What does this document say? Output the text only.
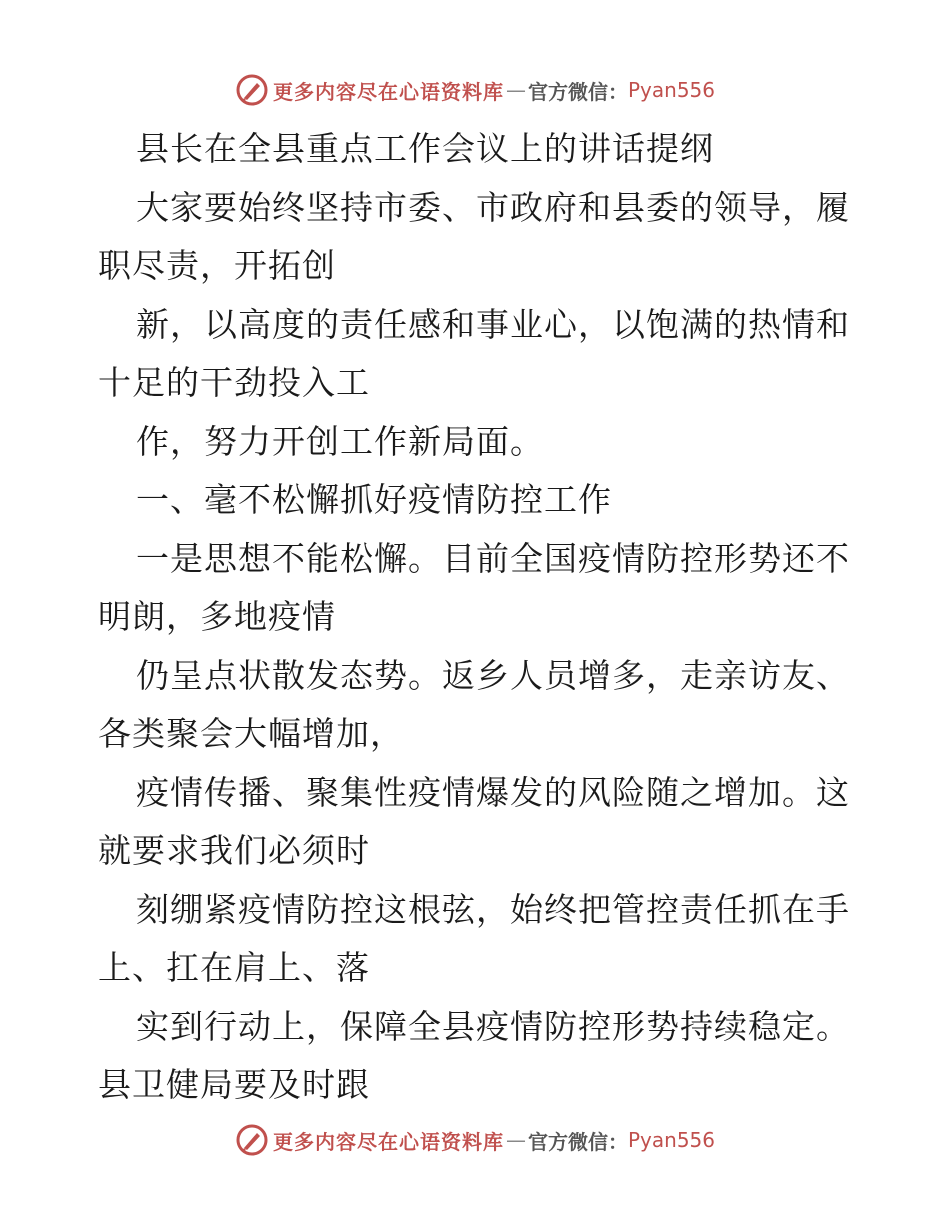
更多内容尽在心语资料库 — 官方微信： Pyan556
县长在全县重点工作会议上的讲话提纲
大家要始终坚持市委、市政府和县委的领导，履
职尽责，开拓创
新，以高度的责任感和事业心，以饱满的热情和
十足的干劲投入工
作，努力开创工作新局面。
一、毫不松懈抓好疫情防控工作
一是思想不能松懈。目前全国疫情防控形势还不
明朗，多地疫情
仍呈点状散发态势。返乡人员增多，走亲访友、
各类聚会大幅增加，
疫情传播、聚集性疫情爆发的风险随之增加。这
就要求我们必须时
刻绷紧疫情防控这根弦，始终把管控责任抓在手
上、扛在肩上、落
实到行动上，保障全县疫情防控形势持续稳定。
县卫健局要及时跟
更多内容尽在心语资料库 — 官方微信： Pyan556
